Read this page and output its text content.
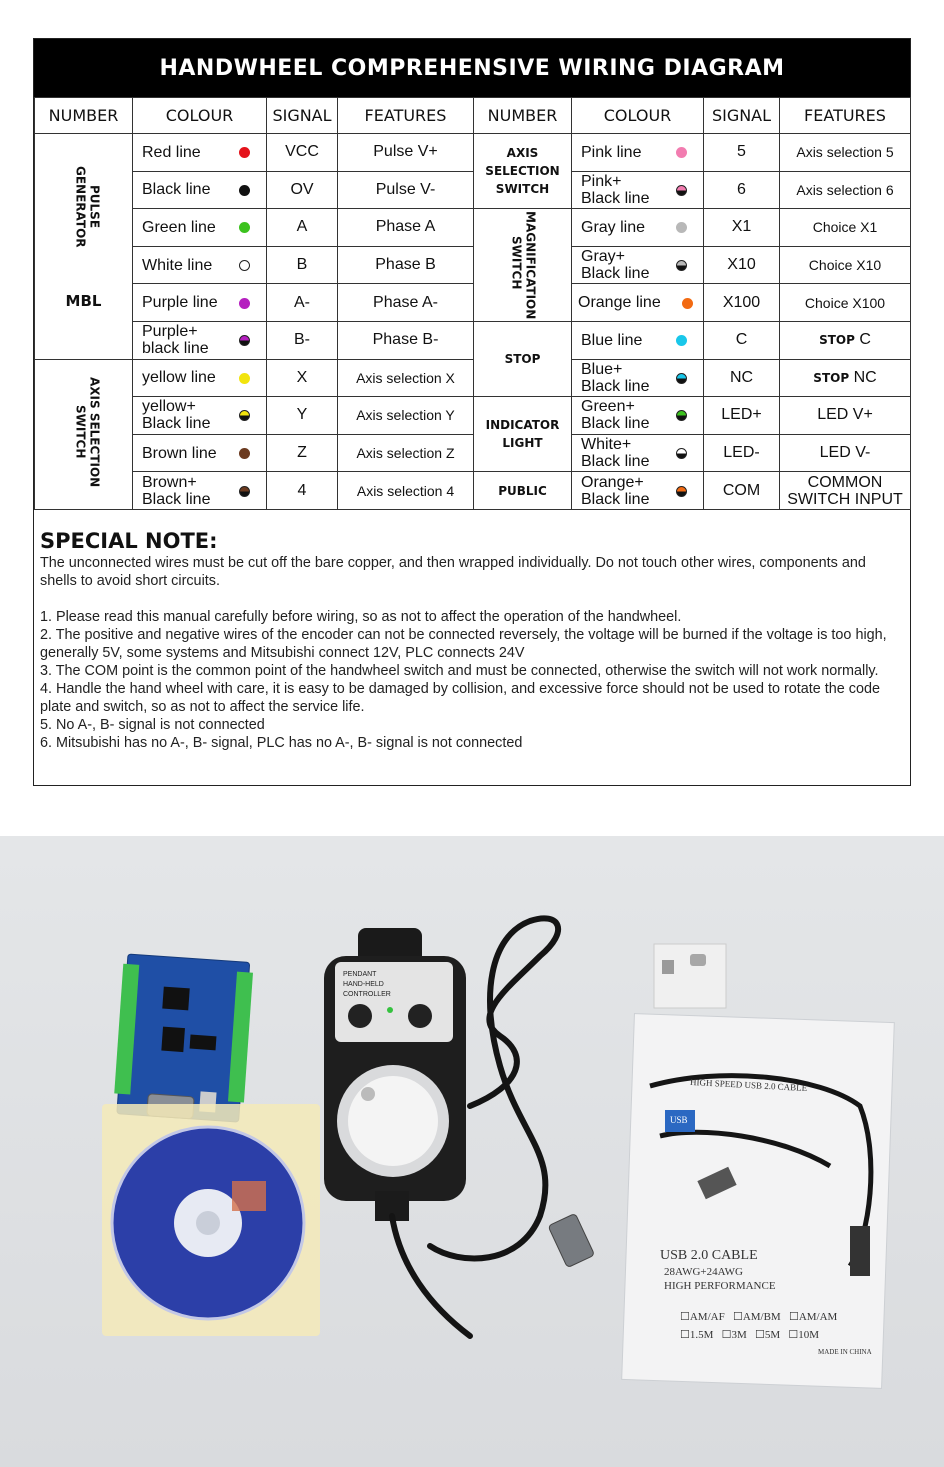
HANDWHEEL COMPREHENSIVE WIRING DIAGRAM
NUMBER	COLOUR	SIGNAL	FEATURES	NUMBER	COLOUR	SIGNAL	FEATURES
PULSE GENERATOR	Red line	VCC	Pulse V+	AXIS SELECTION SWITCH	Pink line	5	Axis selection 5
	Black line	OV	Pulse V-		Pink+ Black line	6	Axis selection 6
	Green line	A	Phase A	MAGNIFICATION SWITCH	Gray line	X1	Choice X1
	White line	B	Phase B		Gray+ Black line	X10	Choice X10
MBL	Purple line	A-	Phase A-		Orange line	X100	Choice X100
	Purple+ black line	B-	Phase B-	STOP	Blue line	C	STOP C
AXIS SELECTION SWITCH	yellow line	X	Axis selection X		Blue+ Black line	NC	STOP NC
	yellow+ Black line	Y	Axis selection Y	INDICATOR LIGHT	Green+ Black line	LED+	LED V+
	Brown line	Z	Axis selection Z		White+ Black line	LED-	LED V-
	Brown+ Black line	4	Axis selection 4	PUBLIC	Orange+ Black line	COM	COMMON SWITCH INPUT
SPECIAL NOTE:

The unconnected wires must be cut off the bare copper, and then wrapped individually. Do not touch other wires, components and shells to avoid short circuits.

1. Please read this manual carefully before wiring, so as not to affect the operation of the handwheel.

2. The positive and negative wires of the encoder can not be connected reversely, the voltage will be burned if the voltage is too high, generally 5V, some systems and Mitsubishi connect 12V, PLC connects 24V

3. The COM point is the common point of the handwheel switch and must be connected, otherwise the switch will not work normally.

4. Handle the hand wheel with care, it is easy to be damaged by collision, and excessive force should not be used to rotate the code plate and switch, so as not to affect the service life.

5. No A-, B- signal is not connected

6. Mitsubishi has no A-, B- signal, PLC has no A-, B- signal is not connected

PENDANT
HAND-HELD
CONTROLLER
HIGH SPEED USB 2.0 CABLE
USB
USB 2.0 CABLE
28AWG+24AWG
HIGH PERFORMANCE
☐AM/AF   ☐AM/BM   ☐AM/AM
☐1.5M   ☐3M   ☐5M   ☐10M
MADE IN CHINA
